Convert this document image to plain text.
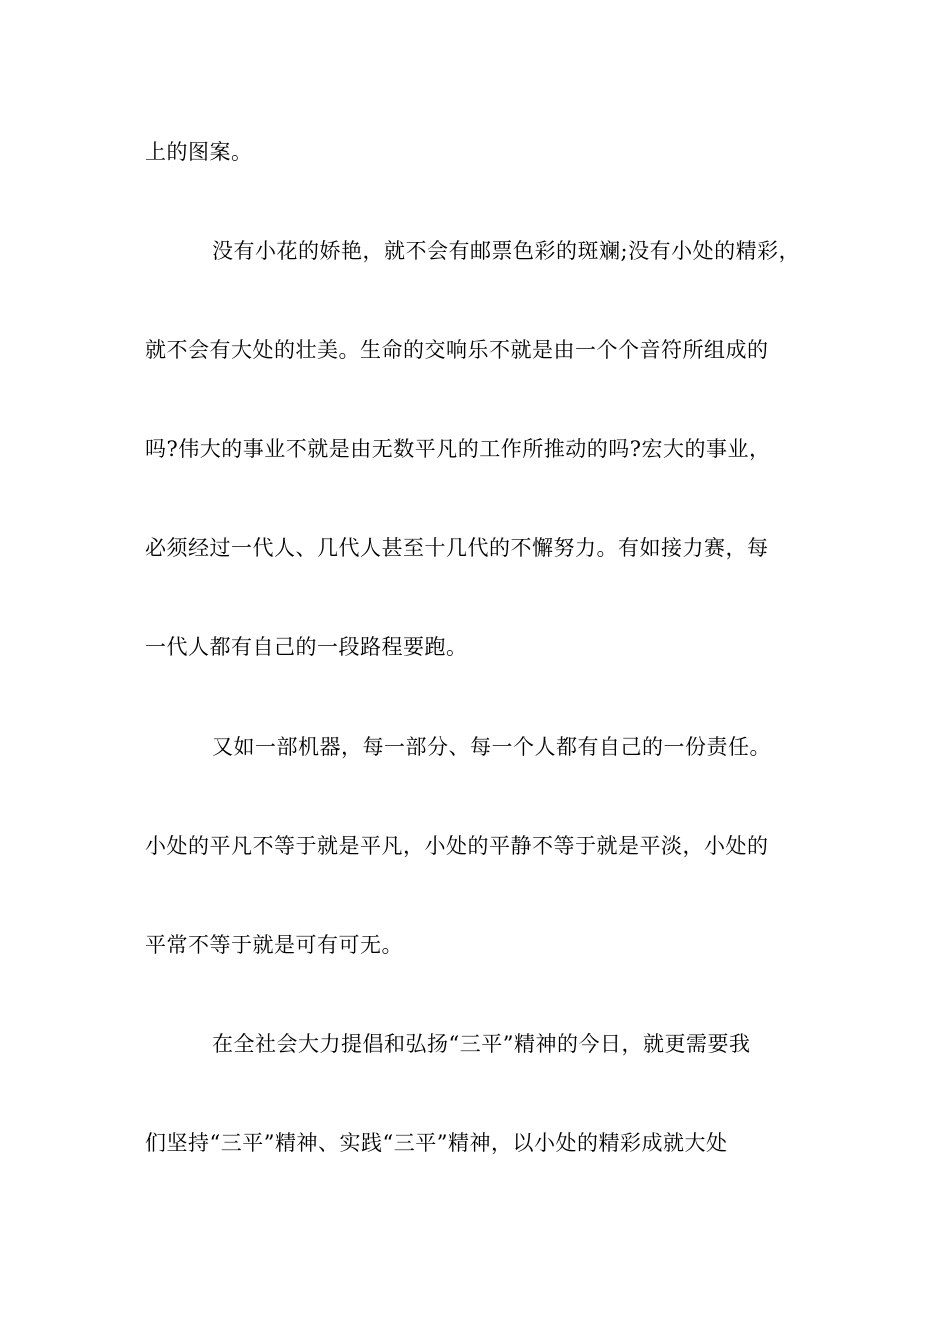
上的图案。
没有小花的娇艳，就不会有邮票色彩的斑斓;没有小处的精彩，
就不会有大处的壮美。生命的交响乐不就是由一个个音符所组成的
吗?伟大的事业不就是由无数平凡的工作所推动的吗?宏大的事业，
必须经过一代人、几代人甚至十几代的不懈努力。有如接力赛，每
一代人都有自己的一段路程要跑。
又如一部机器，每一部分、每一个人都有自己的一份责任。
小处的平凡不等于就是平凡，小处的平静不等于就是平淡，小处的
平常不等于就是可有可无。
在全社会大力提倡和弘扬“三平”精神的今日，就更需要我
们坚持“三平”精神、实践“三平”精神，以小处的精彩成就大处
